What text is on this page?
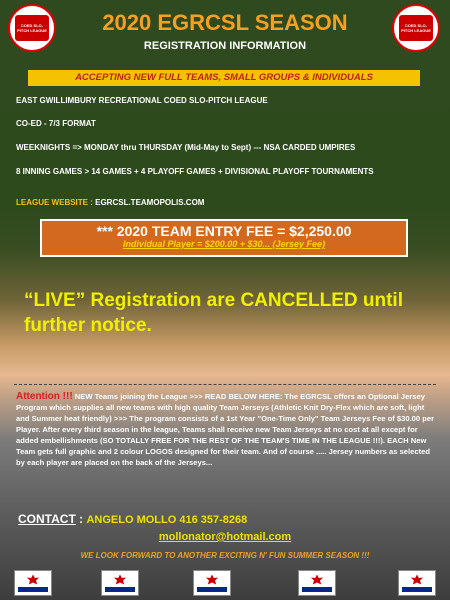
COED SLO-PITCH LEAGUE
COED SLO-PITCH LEAGUE
2020 EGRCSL SEASON
REGISTRATION INFORMATION
ACCEPTING NEW FULL TEAMS, SMALL GROUPS & INDIVIDUALS
EAST GWILLIMBURY RECREATIONAL COED SLO-PITCH LEAGUE
CO-ED - 7/3 FORMAT
WEEKNIGHTS => MONDAY thru THURSDAY (Mid-May to Sept) --- NSA CARDED UMPIRES
8 INNING GAMES > 14 GAMES + 4 PLAYOFF GAMES + DIVISIONAL PLAYOFF TOURNAMENTS
LEAGUE WEBSITE : EGRCSL.TEAMOPOLIS.COM
*** 2020 TEAM ENTRY FEE = $2,250.00
Individual Player = $200.00 + $30... (Jersey Fee)
“LIVE” Registration are CANCELLED until further notice.
Attention !!! NEW Teams joining the League >>> READ BELOW HERE: The EGRCSL offers an Optional Jersey Program which supplies all new teams with high quality Team Jerseys (Athletic Knit Dry-Flex which are soft, light and Summer heat friendly) >>> The program consists of a 1st Year "One-Time Only" Team Jerseys Fee of $30.00 per Player. After every third season in the league, Teams shall receive new Team Jerseys at no cost at all except for added embellishments (SO TOTALLY FREE FOR THE REST OF THE TEAM'S TIME IN THE LEAGUE !!!). EACH New Team gets full graphic and 2 colour LOGOS designed for their team. And of course ..... Jersey numbers as selected by each player are placed on the back of the Jerseys...
CONTACT : ANGELO MOLLO 416 357-8268
mollonator@hotmail.com
WE LOOK FORWARD TO ANOTHER EXCITING N' FUN SUMMER SEASON !!!
